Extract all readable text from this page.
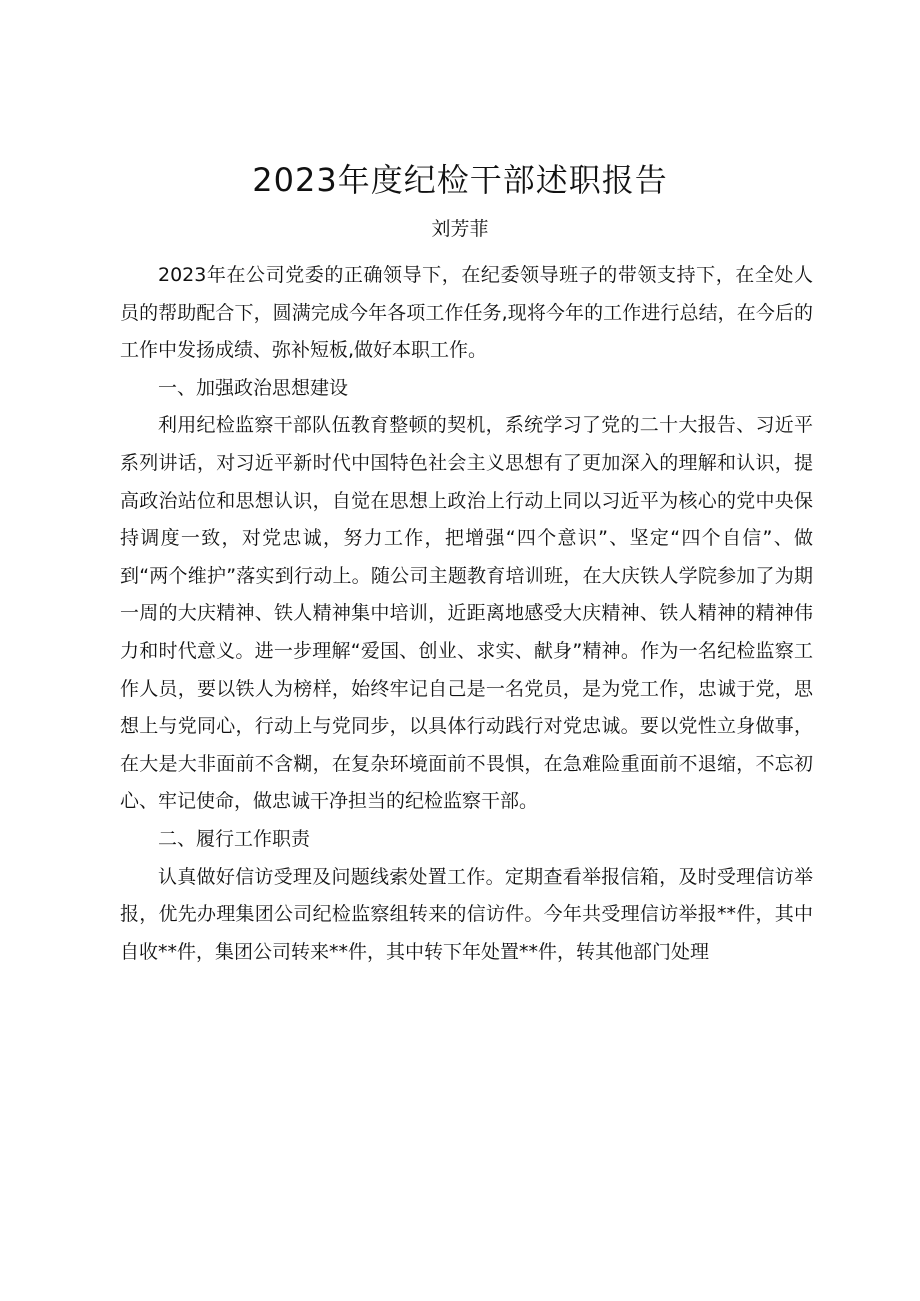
2023年度纪检干部述职报告
刘芳菲

2023年在公司党委的正确领导下，在纪委领导班子的带领支持下，在全处人员的帮助配合下，圆满完成今年各项工作任务,现将今年的工作进行总结，在今后的工作中发扬成绩、弥补短板,做好本职工作。

一、加强政治思想建设

利用纪检监察干部队伍教育整顿的契机，系统学习了党的二十大报告、习近平系列讲话，对习近平新时代中国特色社会主义思想有了更加深入的理解和认识，提高政治站位和思想认识，自觉在思想上政治上行动上同以习近平为核心的党中央保持调度一致，对党忠诚，努力工作，把增强“四个意识”、坚定“四个自信”、做到“两个维护”落实到行动上。随公司主题教育培训班，在大庆铁人学院参加了为期一周的大庆精神、铁人精神集中培训，近距离地感受大庆精神、铁人精神的精神伟力和时代意义。进一步理解“爱国、创业、求实、献身”精神。作为一名纪检监察工作人员，要以铁人为榜样，始终牢记自己是一名党员，是为党工作，忠诚于党，思想上与党同心，行动上与党同步，以具体行动践行对党忠诚。要以党性立身做事，在大是大非面前不含糊，在复杂环境面前不畏惧，在急难险重面前不退缩，不忘初心、牢记使命，做忠诚干净担当的纪检监察干部。

二、履行工作职责

认真做好信访受理及问题线索处置工作。定期查看举报信箱，及时受理信访举报，优先办理集团公司纪检监察组转来的信访件。今年共受理信访举报**件，其中自收**件，集团公司转来**件，其中转下年处置**件，转其他部门处理
